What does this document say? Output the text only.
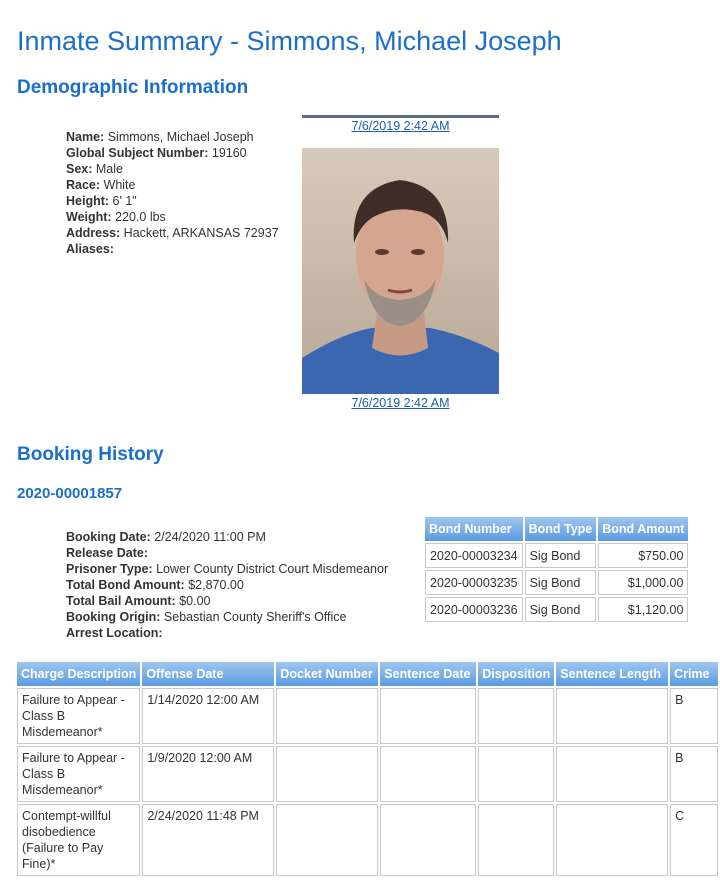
Inmate Summary - Simmons, Michael Joseph
Demographic Information
Name: Simmons, Michael Joseph
Global Subject Number: 19160
Sex: Male
Race: White
Height: 6' 1"
Weight: 220.0 lbs
Address: Hackett, ARKANSAS 72937
Aliases:
7/6/2019 2:42 AM
7/6/2019 2:42 AM
Booking History
2020-00001857
Booking Date: 2/24/2020 11:00 PM
Release Date:
Prisoner Type: Lower County District Court Misdemeanor
Total Bond Amount: $2,870.00
Total Bail Amount: $0.00
Booking Origin: Sebastian County Sheriff's Office
Arrest Location:
Bond Number	Bond Type	Bond Amount
2020-00003234	Sig Bond	$750.00
2020-00003235	Sig Bond	$1,000.00
2020-00003236	Sig Bond	$1,120.00
Charge Description	Offense Date	Docket Number	Sentence Date	Disposition	Sentence Length	Crime
Failure to Appear - Class B Misdemeanor*	1/14/2020 12:00 AM					B
Failure to Appear - Class B Misdemeanor*	1/9/2020 12:00 AM					B
Contempt-willful disobedience (Failure to Pay Fine)*	2/24/2020 11:48 PM					C
